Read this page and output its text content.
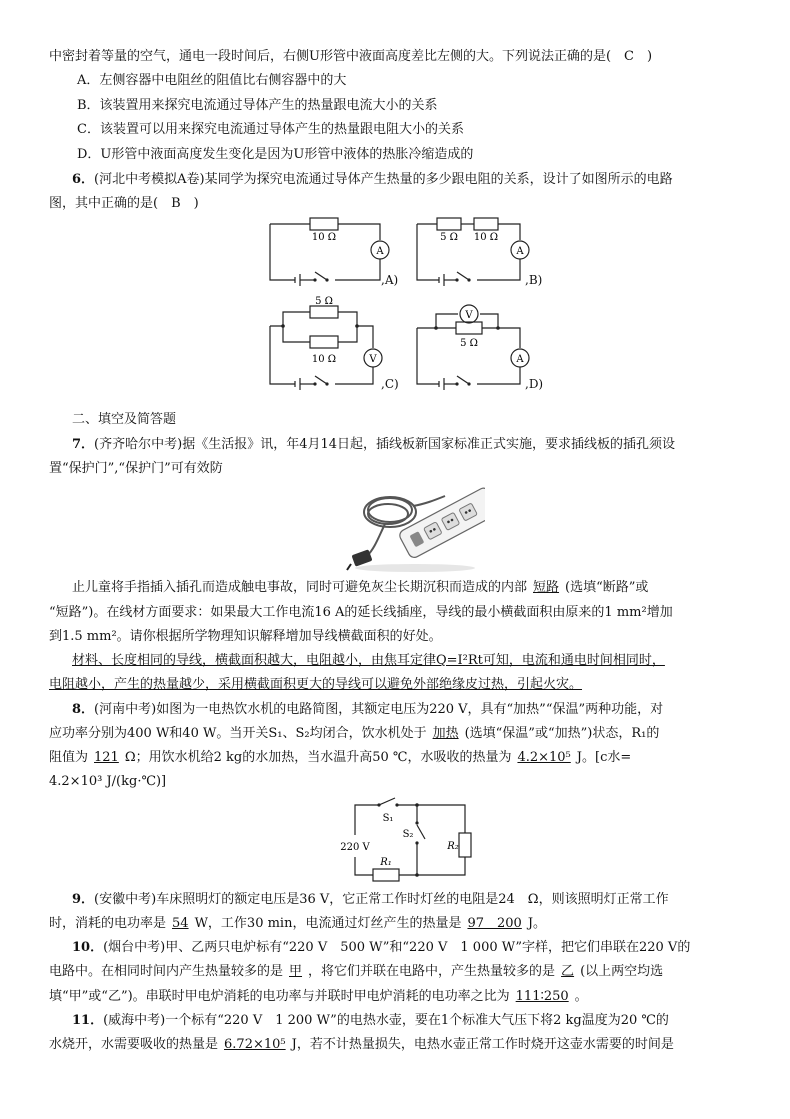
中密封着等量的空气，通电一段时间后，右侧U形管中液面高度差比左侧的大。下列说法正确的是(　C　)
A．左侧容器中电阻丝的阻值比右侧容器中的大
B．该装置用来探究电流通过导体产生的热量跟电流大小的关系
C．该装置可以用来探究电流通过导体产生的热量跟电阻大小的关系
D．U形管中液面高度发生变化是因为U形管中液体的热胀冷缩造成的
6．(河北中考模拟A卷)某同学为探究电流通过导体产生热量的多少跟电阻的关系，设计了如图所示的电路
图，其中正确的是(　B　)
10 Ω
A
,A)
5 Ω 10 Ω
A
,B)
5 Ω
10 Ω	V
,C)
V
5 Ω
A
,D)
二、填空及简答题
7．(齐齐哈尔中考)据《生活报》讯，年4月14日起，插线板新国家标准正式实施，要求插线板的插孔须设
置“保护门”,“保护门”可有效防
止儿童将手指插入插孔而造成触电事故，同时可避免灰尘长期沉积而造成的内部 短路 (选填“断路”或
“短路”)。在线材方面要求：如果最大工作电流16 A的延长线插座，导线的最小横截面积由原来的1 mm²增加
到1.5 mm²。请你根据所学物理知识解释增加导线横截面积的好处。
材料、长度相同的导线，横截面积越大，电阻越小，由焦耳定律Q=I²Rt可知，电流和通电时间相同时，
电阻越小，产生的热量越少，采用横截面积更大的导线可以避免外部绝缘皮过热，引起火灾。
8．(河南中考)如图为一电热饮水机的电路简图，其额定电压为220 V，具有“加热”“保温”两种功能，对
应功率分别为400 W和40 W。当开关S₁、S₂均闭合，饮水机处于 加热 (选填“保温”或“加热”)状态，R₁的
阻值为 121 Ω；用饮水机给2 kg的水加热，当水温升高50 ℃，水吸收的热量为 4.2×10⁵ J。[c水=
4.2×10³ J/(kg·℃)]
220 V
S₁
S₂
R₂
R₁
9．(安徽中考)车床照明灯的额定电压是36 V，它正常工作时灯丝的电阻是24　Ω，则该照明灯正常工作
时，消耗的电功率是 54 W，工作30 min，电流通过灯丝产生的热量是 97　200 J。
10．(烟台中考)甲、乙两只电炉标有“220 V　500 W”和“220 V　1 000 W”字样，把它们串联在220 V的
电路中。在相同时间内产生热量较多的是 甲 ，将它们并联在电路中，产生热量较多的是 乙 (以上两空均选
填“甲”或“乙”)。串联时甲电炉消耗的电功率与并联时甲电炉消耗的电功率之比为 111∶250 。
11．(威海中考)一个标有“220 V　1 200 W”的电热水壶，要在1个标准大气压下将2 kg温度为20 ℃的
水烧开，水需要吸收的热量是 6.72×10⁵ J，若不计热量损失，电热水壶正常工作时烧开这壶水需要的时间是
